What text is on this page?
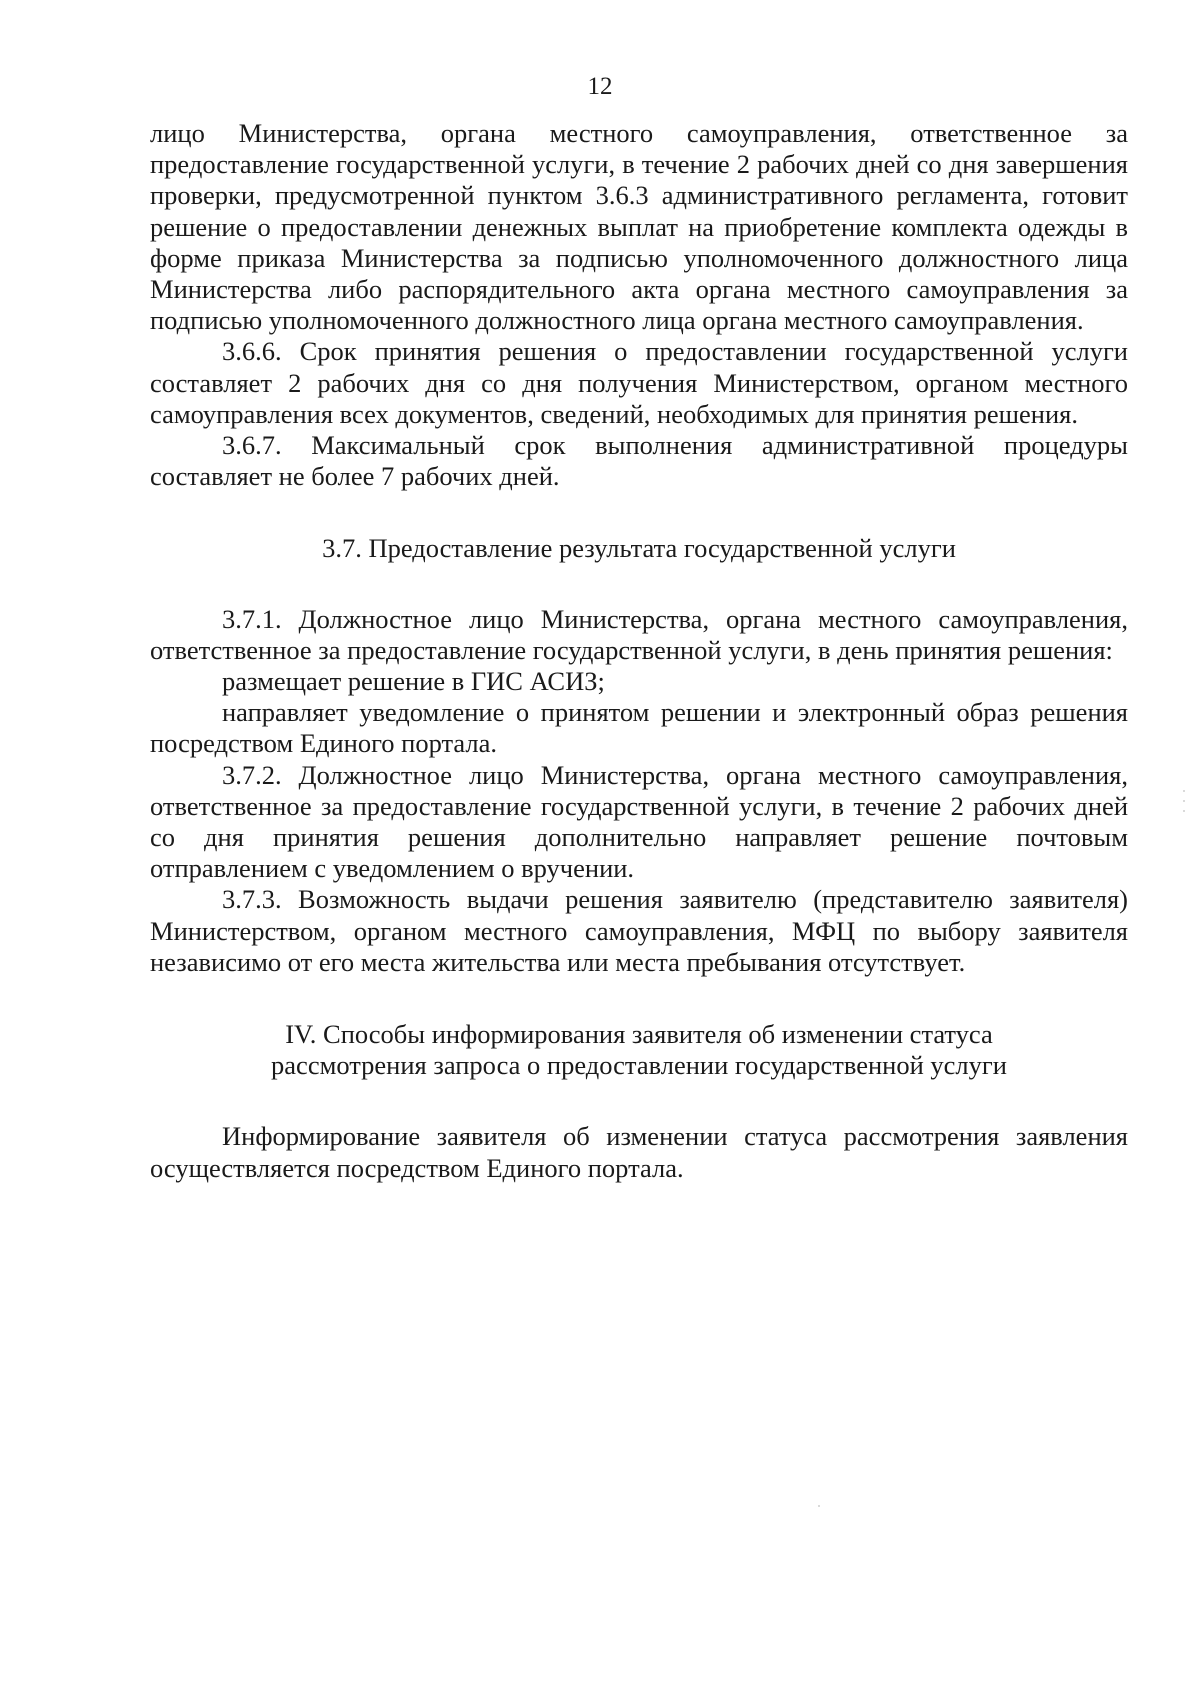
12

лицо Министерства, органа местного самоуправления, ответственное за предоставление государственной услуги, в течение 2 рабочих дней со дня завершения проверки, предусмотренной пунктом 3.6.3 административного регламента, готовит решение о предоставлении денежных выплат на приобретение комплекта одежды в форме приказа Министерства за подписью уполномоченного должностного лица Министерства либо распорядительного акта органа местного самоуправления за подписью уполномоченного должностного лица органа местного самоуправления.

3.6.6. Срок принятия решения о предоставлении государственной услуги составляет 2 рабочих дня со дня получения Министерством, органом местного самоуправления всех документов, сведений, необходимых для принятия решения.

3.6.7. Максимальный срок выполнения административной процедуры составляет не более 7 рабочих дней.

3.7. Предоставление результата государственной услуги

3.7.1. Должностное лицо Министерства, органа местного самоуправления, ответственное за предоставление государственной услуги, в день принятия решения:

размещает решение в ГИС АСИЗ;

направляет уведомление о принятом решении и электронный образ решения посредством Единого портала.

3.7.2. Должностное лицо Министерства, органа местного самоуправления, ответственное за предоставление государственной услуги, в течение 2 рабочих дней со дня принятия решения дополнительно направляет решение почтовым отправлением с уведомлением о вручении.

3.7.3. Возможность выдачи решения заявителю (представителю заявителя) Министерством, органом местного самоуправления, МФЦ по выбору заявителя независимо от его места жительства или места пребывания отсутствует.

IV. Способы информирования заявителя об изменении статуса рассмотрения запроса о предоставлении государственной услуги

Информирование заявителя об изменении статуса рассмотрения заявления осуществляется посредством Единого портала.
